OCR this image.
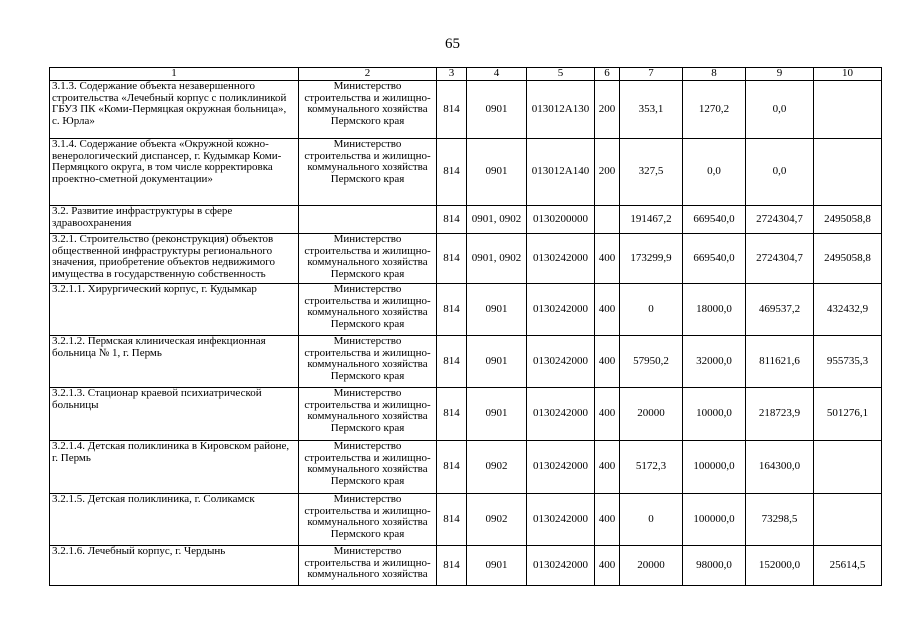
65
1	2	3	4	5	6	7	8	9	10
3.1.3. Содержание объекта незавершенного строительства «Лечебный корпус с поликлиникой ГБУЗ ПК «Коми-Пермяцкая окружная больница», с. Юрла»	Министерство строительства и жилищно-коммунального хозяйства Пермского края	814	0901	013012А130	200	353,1	1270,2	0,0	
3.1.4. Содержание объекта «Окружной кожно-венерологический диспансер, г. Кудымкар Коми-Пермяцкого округа, в том числе корректировка проектно-сметной документации»	Министерство строительства и жилищно-коммунального хозяйства Пермского края	814	0901	013012А140	200	327,5	0,0	0,0	
3.2. Развитие инфраструктуры в сфере здравоохранения		814	0901, 0902	0130200000		191467,2	669540,0	2724304,7	2495058,8
3.2.1. Строительство (реконструкция) объектов общественной инфраструктуры регионального значения, приобретение объектов недвижимого имущества в государственную собственность	Министерство строительства и жилищно-коммунального хозяйства Пермского края	814	0901, 0902	0130242000	400	173299,9	669540,0	2724304,7	2495058,8
3.2.1.1. Хирургический корпус, г. Кудымкар	Министерство строительства и жилищно-коммунального хозяйства Пермского края	814	0901	0130242000	400	0	18000,0	469537,2	432432,9
3.2.1.2. Пермская клиническая инфекционная больница № 1, г. Пермь	Министерство строительства и жилищно-коммунального хозяйства Пермского края	814	0901	0130242000	400	57950,2	32000,0	811621,6	955735,3
3.2.1.3. Стационар краевой психиатрической больницы	Министерство строительства и жилищно-коммунального хозяйства Пермского края	814	0901	0130242000	400	20000	10000,0	218723,9	501276,1
3.2.1.4. Детская поликлиника в Кировском районе, г. Пермь	Министерство строительства и жилищно-коммунального хозяйства Пермского края	814	0902	0130242000	400	5172,3	100000,0	164300,0	
3.2.1.5. Детская поликлиника, г. Соликамск	Министерство строительства и жилищно-коммунального хозяйства Пермского края	814	0902	0130242000	400	0	100000,0	73298,5	
3.2.1.6. Лечебный корпус, г. Чердынь	Министерство строительства и жилищно-коммунального хозяйства	814	0901	0130242000	400	20000	98000,0	152000,0	25614,5
